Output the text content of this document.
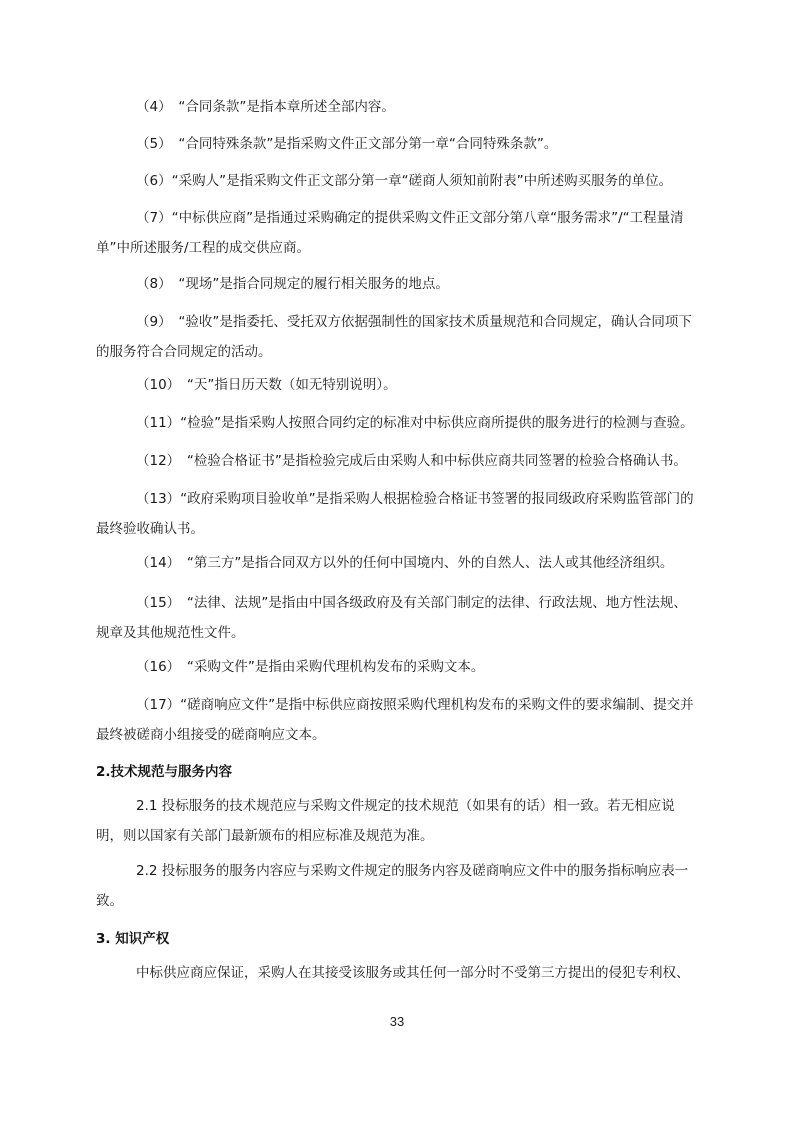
（4）　“合同条款”是指本章所述全部内容。

（5）　“合同特殊条款”是指采购文件正文部分第一章“合同特殊条款”。

（6）“采购人”是指采购文件正文部分第一章“磋商人须知前附表”中所述购买服务的单位。

（7）“中标供应商”是指通过采购确定的提供采购文件正文部分第八章“服务需求”/“工程量清单”中所述服务/工程的成交供应商。

（8）　“现场”是指合同规定的履行相关服务的地点。

（9）　“验收”是指委托、受托双方依据强制性的国家技术质量规范和合同规定，确认合同项下的服务符合合同规定的活动。

（10）　“天”指日历天数（如无特别说明）。

（11）“检验”是指采购人按照合同约定的标准对中标供应商所提供的服务进行的检测与查验。

（12）　“检验合格证书”是指检验完成后由采购人和中标供应商共同签署的检验合格确认书。

（13）“政府采购项目验收单”是指采购人根据检验合格证书签署的报同级政府采购监管部门的最终验收确认书。

（14）　“第三方”是指合同双方以外的任何中国境内、外的自然人、法人或其他经济组织。

（15）　“法律、法规”是指由中国各级政府及有关部门制定的法律、行政法规、地方性法规、规章及其他规范性文件。

（16）　“采购文件”是指由采购代理机构发布的采购文本。

（17）“磋商响应文件”是指中标供应商按照采购代理机构发布的采购文件的要求编制、提交并最终被磋商小组接受的磋商响应文本。

2.技术规范与服务内容

2.1 投标服务的技术规范应与采购文件规定的技术规范（如果有的话）相一致。若无相应说明，则以国家有关部门最新颁布的相应标准及规范为准。

2.2 投标服务的服务内容应与采购文件规定的服务内容及磋商响应文件中的服务指标响应表一致。

3. 知识产权

中标供应商应保证，采购人在其接受该服务或其任何一部分时不受第三方提出的侵犯专利权、

33
